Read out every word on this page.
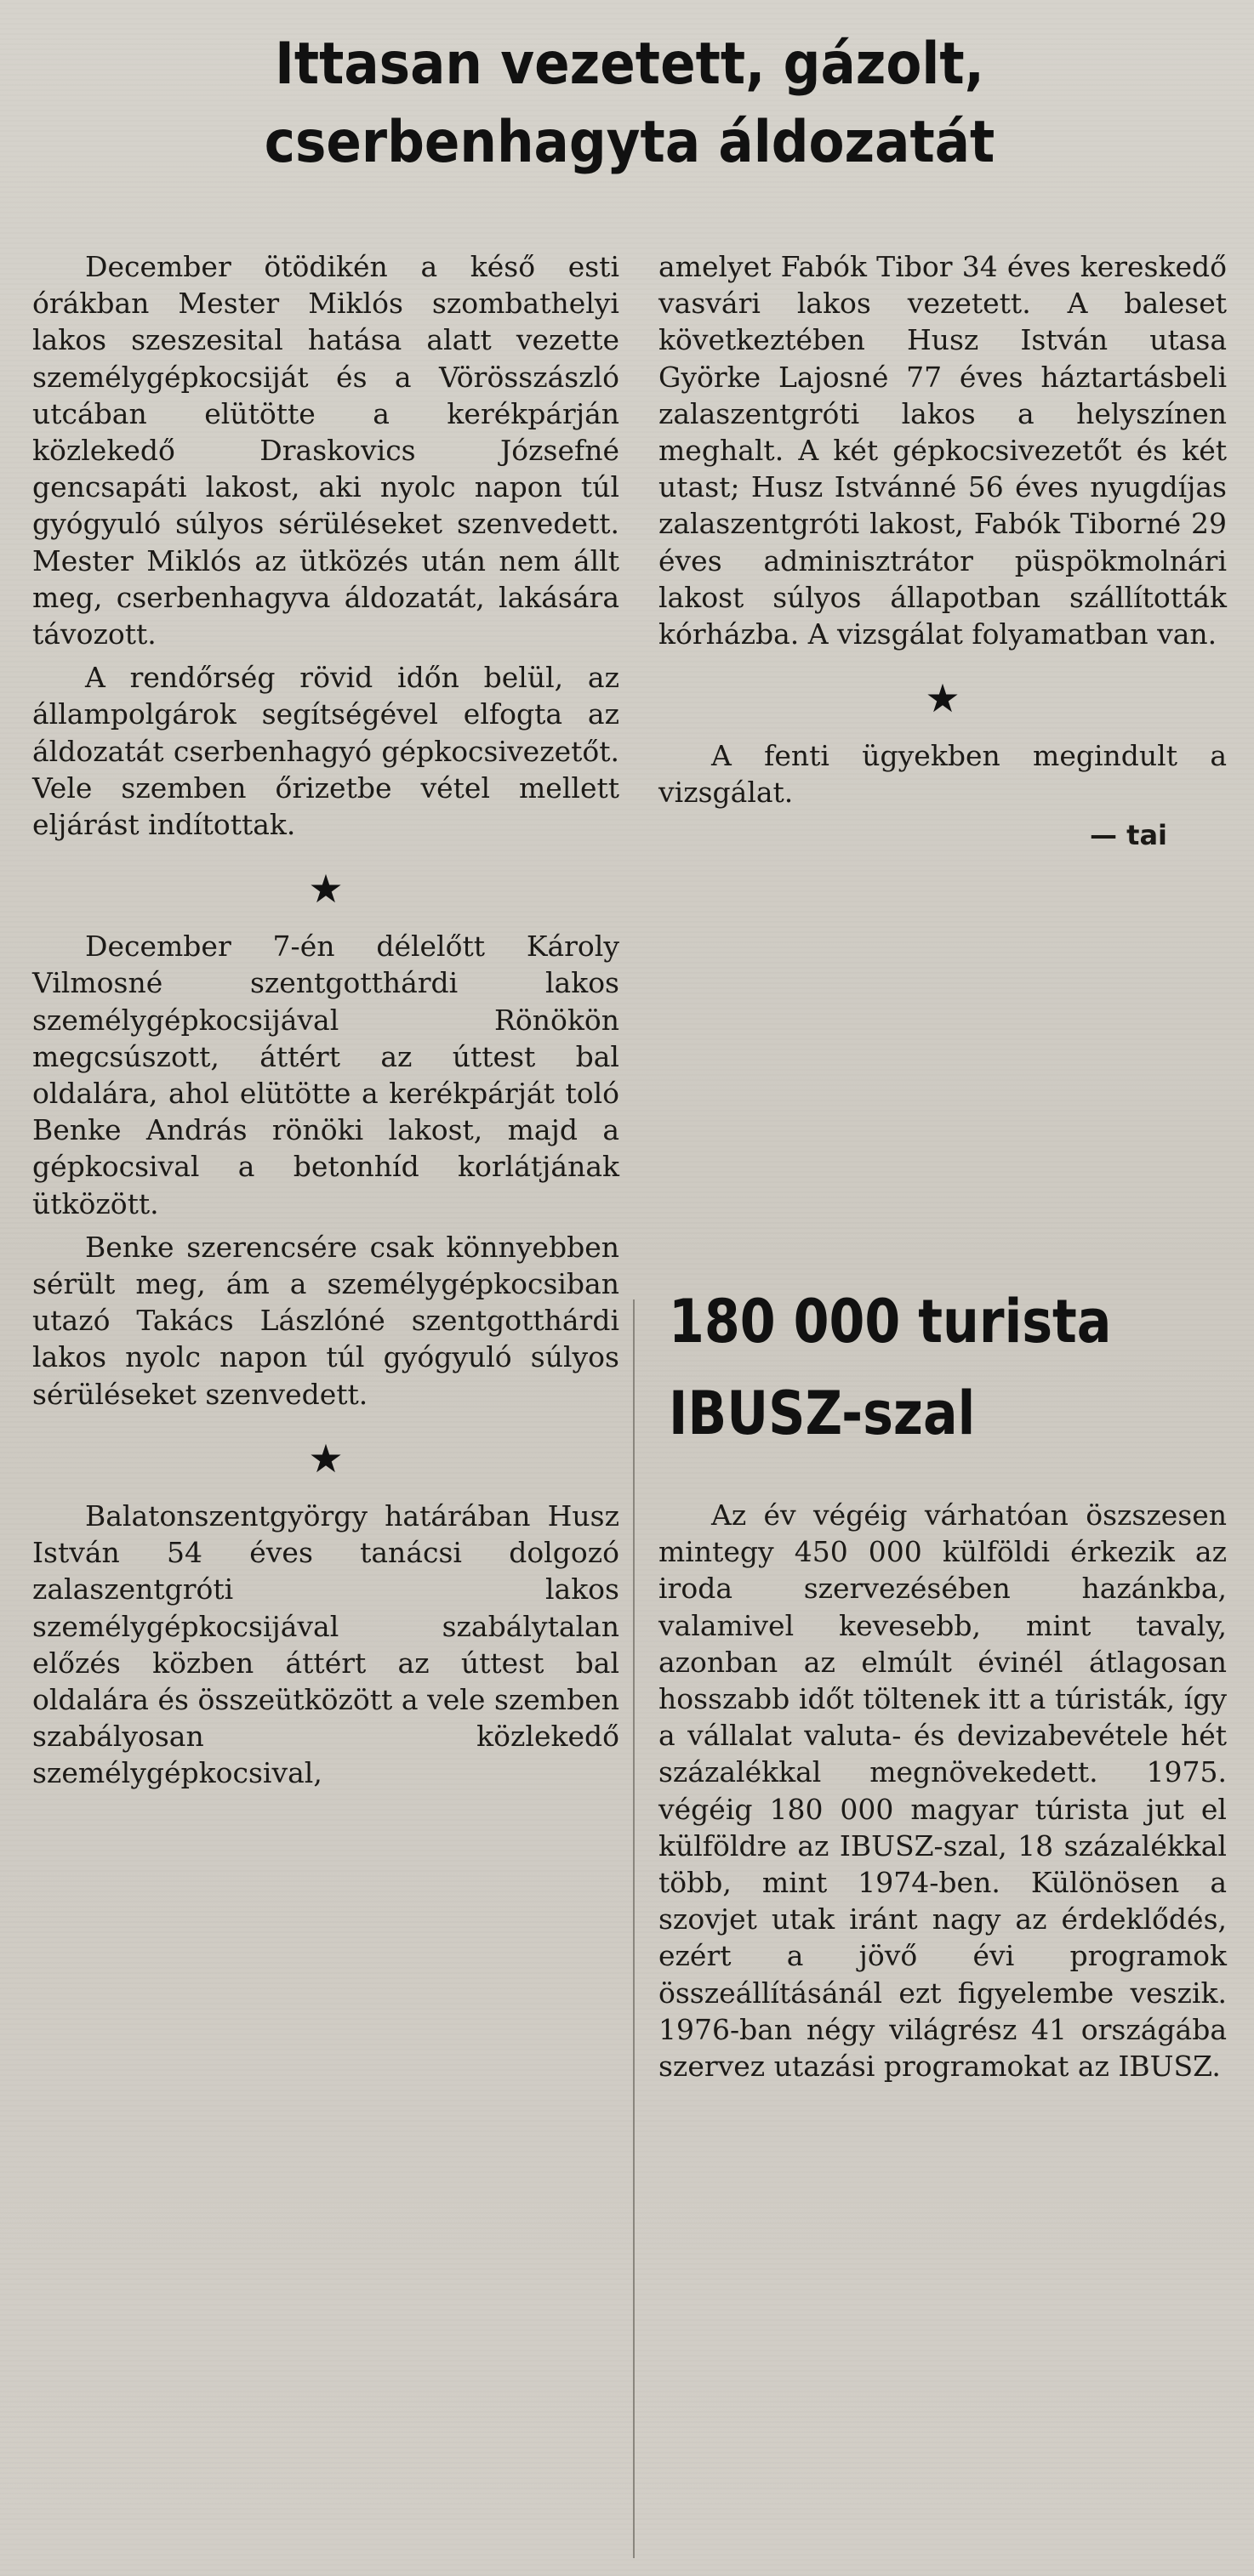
Ittasan vezetett, gázolt,
cserbenhagyta áldozatát

December ötödikén a késő esti órákban Mester Miklós szombathelyi lakos szeszesital hatása alatt vezette személygépkocsiját és a Vörösszászló utcában elütötte a kerékpárján közlekedő Draskovics Józsefné gencsapáti lakost, aki nyolc napon túl gyógyuló súlyos sérüléseket szenvedett. Mester Miklós az ütközés után nem állt meg, cserbenhagyva áldozatát, lakására távozott.

A rendőrség rövid időn belül, az állampolgárok segítségével elfogta az áldozatát cserbenhagyó gépkocsivezetőt. Vele szemben őrizetbe vétel mellett eljárást indítottak.

★

December 7-én délelőtt Károly Vilmosné szentgotthárdi lakos személygépkocsijával Rönökön megcsúszott, áttért az úttest bal oldalára, ahol elütötte a kerékpárját toló Benke András rönöki lakost, majd a gépkocsival a betonhíd korlátjának ütközött.

Benke szerencsére csak könnyebben sérült meg, ám a személygépkocsiban utazó Takács Lászlóné szentgotthárdi lakos nyolc napon túl gyógyuló súlyos sérüléseket szenvedett.

★

Balatonszentgyörgy határában Husz István 54 éves tanácsi dolgozó zalaszentgróti lakos személygépkocsijával szabálytalan előzés közben áttért az úttest bal oldalára és összeütközött a vele szemben szabályosan közlekedő személygépkocsival,

amelyet Fabók Tibor 34 éves kereskedő vasvári lakos vezetett. A baleset következtében Husz István utasa Györke Lajosné 77 éves háztartásbeli zalaszentgróti lakos a helyszínen meghalt. A két gépkocsivezetőt és két utast; Husz Istvánné 56 éves nyugdíjas zalaszentgróti lakost, Fabók Tiborné 29 éves adminisztrátor püspökmolnári lakost súlyos állapotban szállították kórházba. A vizsgálat folyamatban van.

★

A fenti ügyekben megindult a vizsgálat.

— tai
180 000 turista
IBUSZ-szal

Az év végéig várhatóan öszszesen mintegy 450 000 külföldi érkezik az iroda szervezésében hazánkba, valamivel kevesebb, mint tavaly, azonban az elmúlt évinél átlagosan hosszabb időt töltenek itt a túristák, így a vállalat valuta- és devizabevétele hét százalékkal megnövekedett. 1975. végéig 180 000 magyar túrista jut el külföldre az IBUSZ-szal, 18 százalékkal több, mint 1974-ben. Különösen a szovjet utak iránt nagy az érdeklődés, ezért a jövő évi programok összeállításánál ezt figyelembe veszik. 1976-ban négy világrész 41 országába szervez utazási programokat az IBUSZ.
